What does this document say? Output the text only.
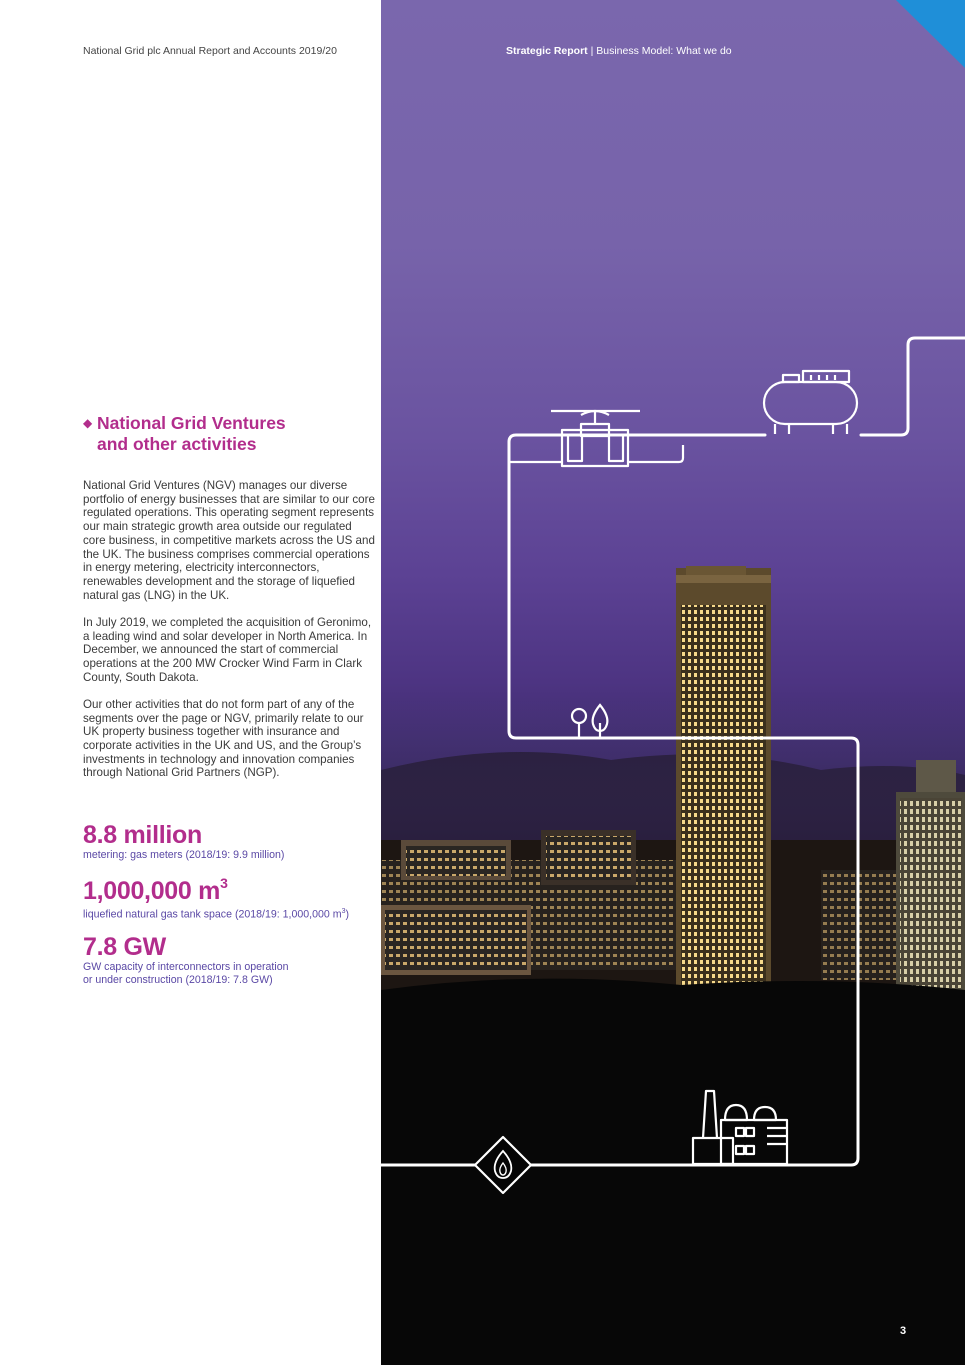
National Grid plc Annual Report and Accounts 2019/20
◆ National Grid Ventures
and other activities

National Grid Ventures (NGV) manages our diverse portfolio of energy businesses that are similar to our core regulated operations. This operating segment represents our main strategic growth area outside our regulated core business, in competitive markets across the US and the UK. The business comprises commercial operations in energy metering, electricity interconnectors, renewables development and the storage of liquefied natural gas (LNG) in the UK.

In July 2019, we completed the acquisition of Geronimo, a leading wind and solar developer in North America. In December, we announced the start of commercial operations at the 200 MW Crocker Wind Farm in Clark County, South Dakota.

Our other activities that do not form part of any of the segments over the page or NGV, primarily relate to our UK property business together with insurance and corporate activities in the UK and US, and the Group’s investments in technology and innovation companies through National Grid Partners (NGP).

8.8 million
metering: gas meters (2018/19: 9.9 million)
1,000,000 $m^3$
liquefied natural gas tank space (2018/19: 1,000,000 $m^3$)
7.8 GW
GW capacity of interconnectors in operation
or under construction (2018/19: 7.8 GW)
Strategic Report | Business Model: What we do
3
